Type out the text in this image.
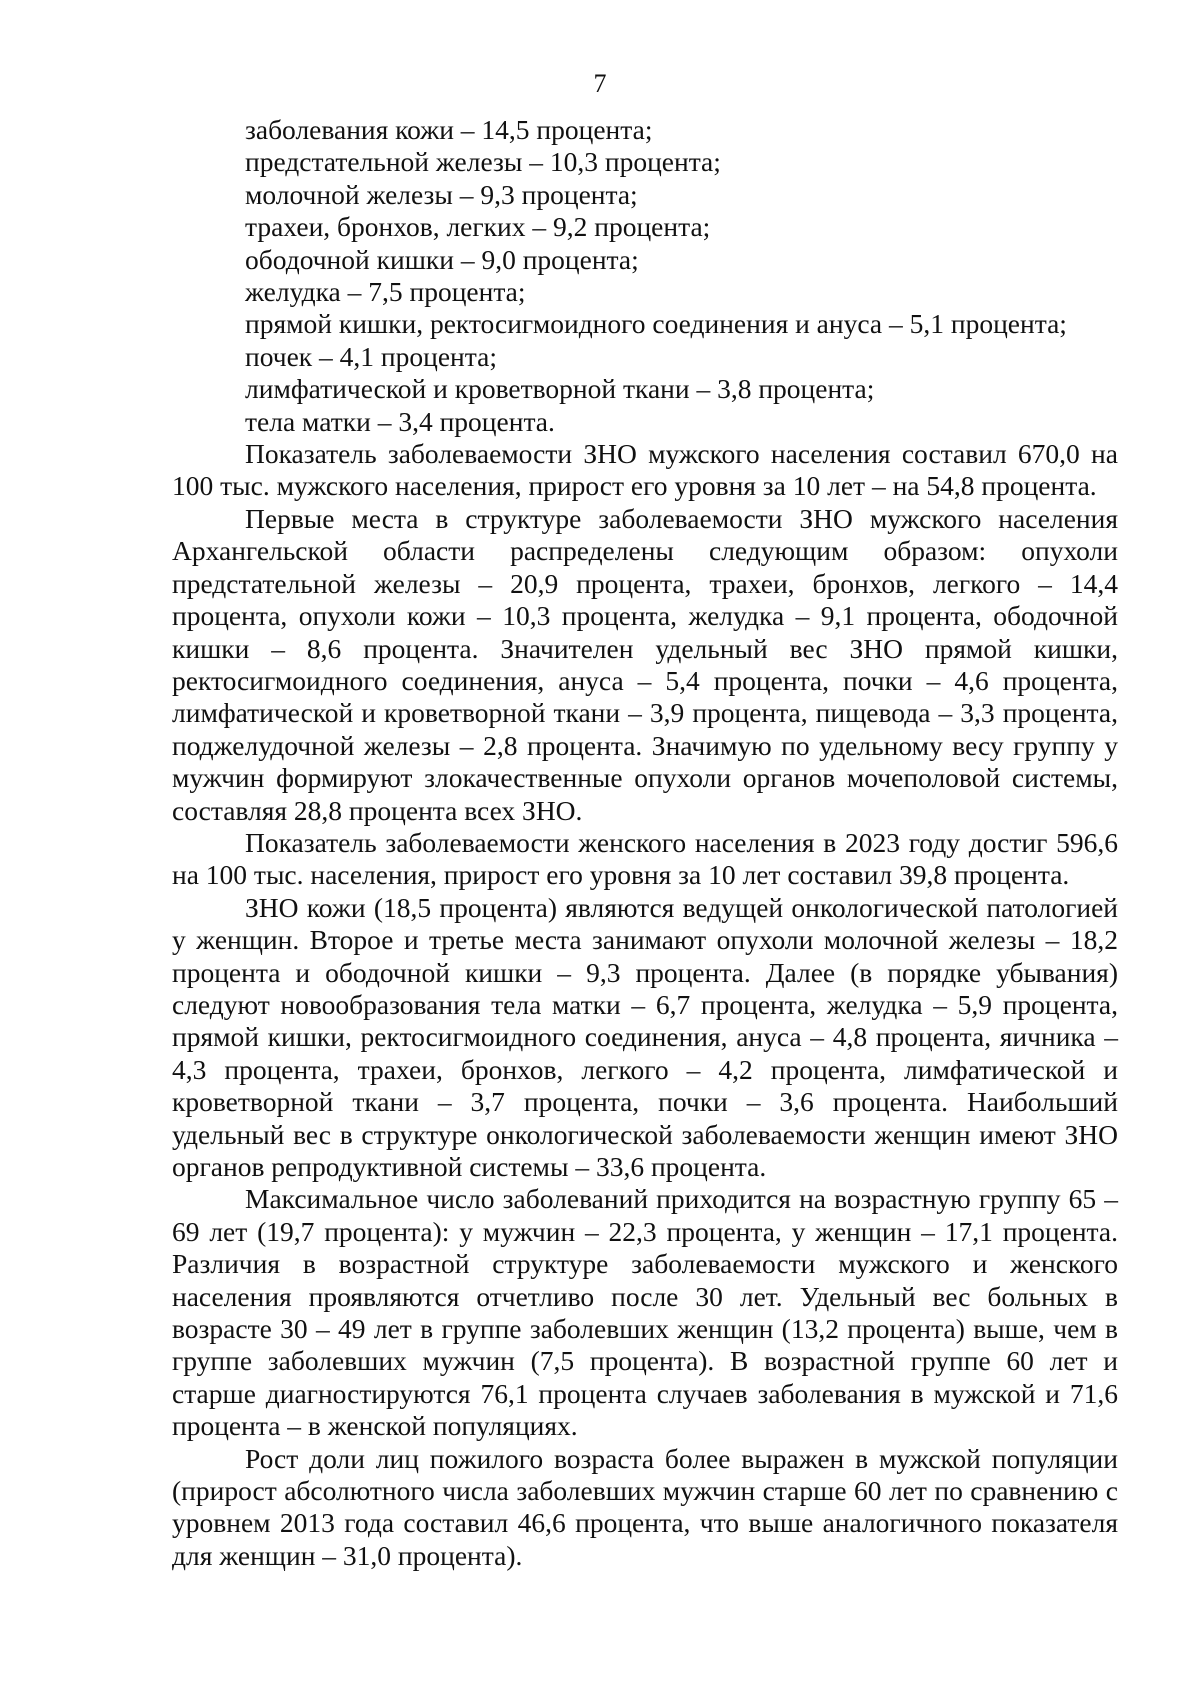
7
заболевания кожи – 14,5 процента;
предстательной железы – 10,3 процента;
молочной железы – 9,3 процента;
трахеи, бронхов, легких – 9,2 процента;
ободочной кишки – 9,0 процента;
желудка – 7,5 процента;
прямой кишки, ректосигмоидного соединения и ануса – 5,1 процента;
почек – 4,1 процента;
лимфатической и кроветворной ткани – 3,8 процента;
тела матки – 3,4 процента.

Показатель заболеваемости ЗНО мужского населения составил 670,0 на 100 тыс. мужского населения, прирост его уровня за 10 лет – на 54,8 процента.

Первые места в структуре заболеваемости ЗНО мужского населения Архангельской области распределены следующим образом: опухоли предстательной железы – 20,9 процента, трахеи, бронхов, легкого – 14,4 процента, опухоли кожи – 10,3 процента, желудка – 9,1 процента, ободочной кишки – 8,6 процента. Значителен удельный вес ЗНО прямой кишки, ректосигмоидного соединения, ануса – 5,4 процента, почки – 4,6 процента, лимфатической и кроветворной ткани – 3,9 процента, пищевода – 3,3 процента, поджелудочной железы – 2,8 процента. Значимую по удельному весу группу у мужчин формируют злокачественные опухоли органов мочеполовой системы, составляя 28,8 процента всех ЗНО.

Показатель заболеваемости женского населения в 2023 году достиг 596,6 на 100 тыс. населения, прирост его уровня за 10 лет составил 39,8 процента.

ЗНО кожи (18,5 процента) являются ведущей онкологической патологией у женщин. Второе и третье места занимают опухоли молочной железы – 18,2 процента и ободочной кишки – 9,3 процента. Далее (в порядке убывания) следуют новообразования тела матки – 6,7 процента, желудка – 5,9 процента, прямой кишки, ректосигмоидного соединения, ануса – 4,8 процента, яичника – 4,3 процента, трахеи, бронхов, легкого – 4,2 процента, лимфатической и кроветворной ткани – 3,7 процента, почки – 3,6 процента. Наибольший удельный вес в структуре онкологической заболеваемости женщин имеют ЗНО органов репродуктивной системы – 33,6 процента.

Максимальное число заболеваний приходится на возрастную группу 65 – 69 лет (19,7 процента): у мужчин – 22,3 процента, у женщин – 17,1 процента. Различия в возрастной структуре заболеваемости мужского и женского населения проявляются отчетливо после 30 лет. Удельный вес больных в возрасте 30 – 49 лет в группе заболевших женщин (13,2 процента) выше, чем в группе заболевших мужчин (7,5 процента). В возрастной группе 60 лет и старше диагностируются 76,1 процента случаев заболевания в мужской и 71,6 процента – в женской популяциях.

Рост доли лиц пожилого возраста более выражен в мужской популяции (прирост абсолютного числа заболевших мужчин старше 60 лет по сравнению с уровнем 2013 года составил 46,6 процента, что выше аналогичного показателя для женщин – 31,0 процента).
